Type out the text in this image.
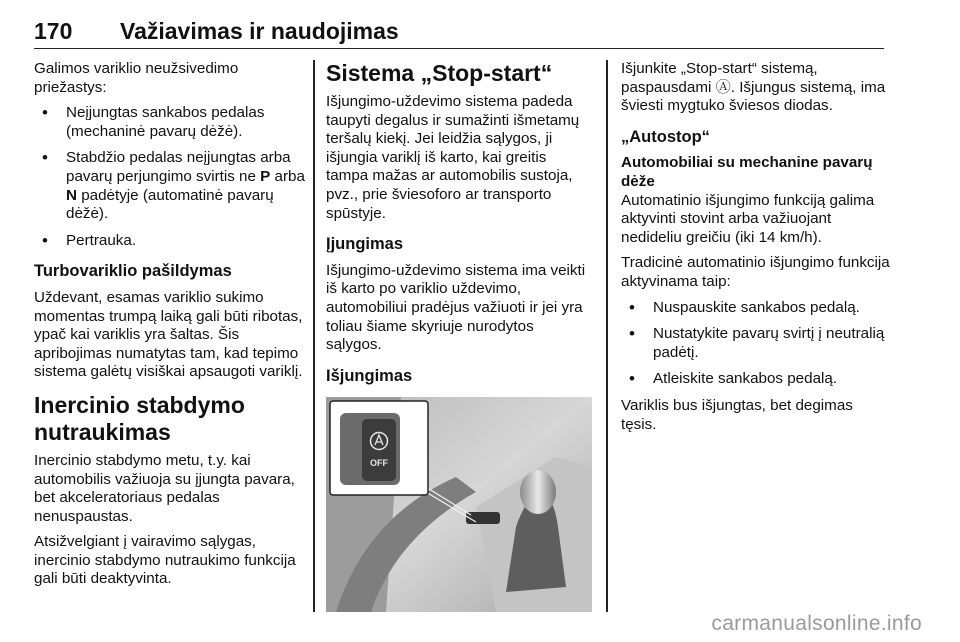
170 Važiavimas ir naudojimas

Galimos variklio neužsivedimo priežastys:

• Neįjungtas sankabos pedalas (mechaninė pavarų dėžė).
• Stabdžio pedalas neįjungtas arba pavarų perjungimo svirtis ne P arba N padėtyje (automatinė pavarų dėžė).
• Pertrauka.
Turbovariklio pašildymas

Uždevant, esamas variklio sukimo momentas trumpą laiką gali būti ribotas, ypač kai variklis yra šaltas. Šis apribojimas numatytas tam, kad tepimo sistema galėtų visiškai apsaugoti variklį.

Inercinio stabdymo nutraukimas

Inercinio stabdymo metu, t.y. kai automobilis važiuoja su įjungta pavara, bet akceleratoriaus pedalas nenuspaustas.

Atsižvelgiant į vairavimo sąlygas, inercinio stabdymo nutraukimo funkcija gali būti deaktyvinta.

Sistema „Stop-start“

Išjungimo-uždevimo sistema padeda taupyti degalus ir sumažinti išmetamų teršalų kiekį. Jei leidžia sąlygos, ji išjungia variklį iš karto, kai greitis tampa mažas ar automobilis sustoja, pvz., prie šviesoforo ar transporto spūstyje.

Įjungimas

Išjungimo-uždevimo sistema ima veikti iš karto po variklio uždevimo, automobiliui pradėjus važiuoti ir jei yra toliau šiame skyriuje nurodytos sąlygos.

Išjungimas
OFF

Išjunkite „Stop-start“ sistemą, paspausdami Ⓐ. Išjungus sistemą, ima šviesti mygtuko šviesos diodas.

„Autostop“
Automobiliai su mechanine pavarų dėže

Automatinio išjungimo funkciją galima aktyvinti stovint arba važiuojant nedideliu greičiu (iki 14 km/h).

Tradicinė automatinio išjungimo funkcija aktyvinama taip:

• Nuspauskite sankabos pedalą.
• Nustatykite pavarų svirtį į neutralią padėtį.
• Atleiskite sankabos pedalą.

Variklis bus išjungtas, bet degimas tęsis.

carmanualsonline.info
